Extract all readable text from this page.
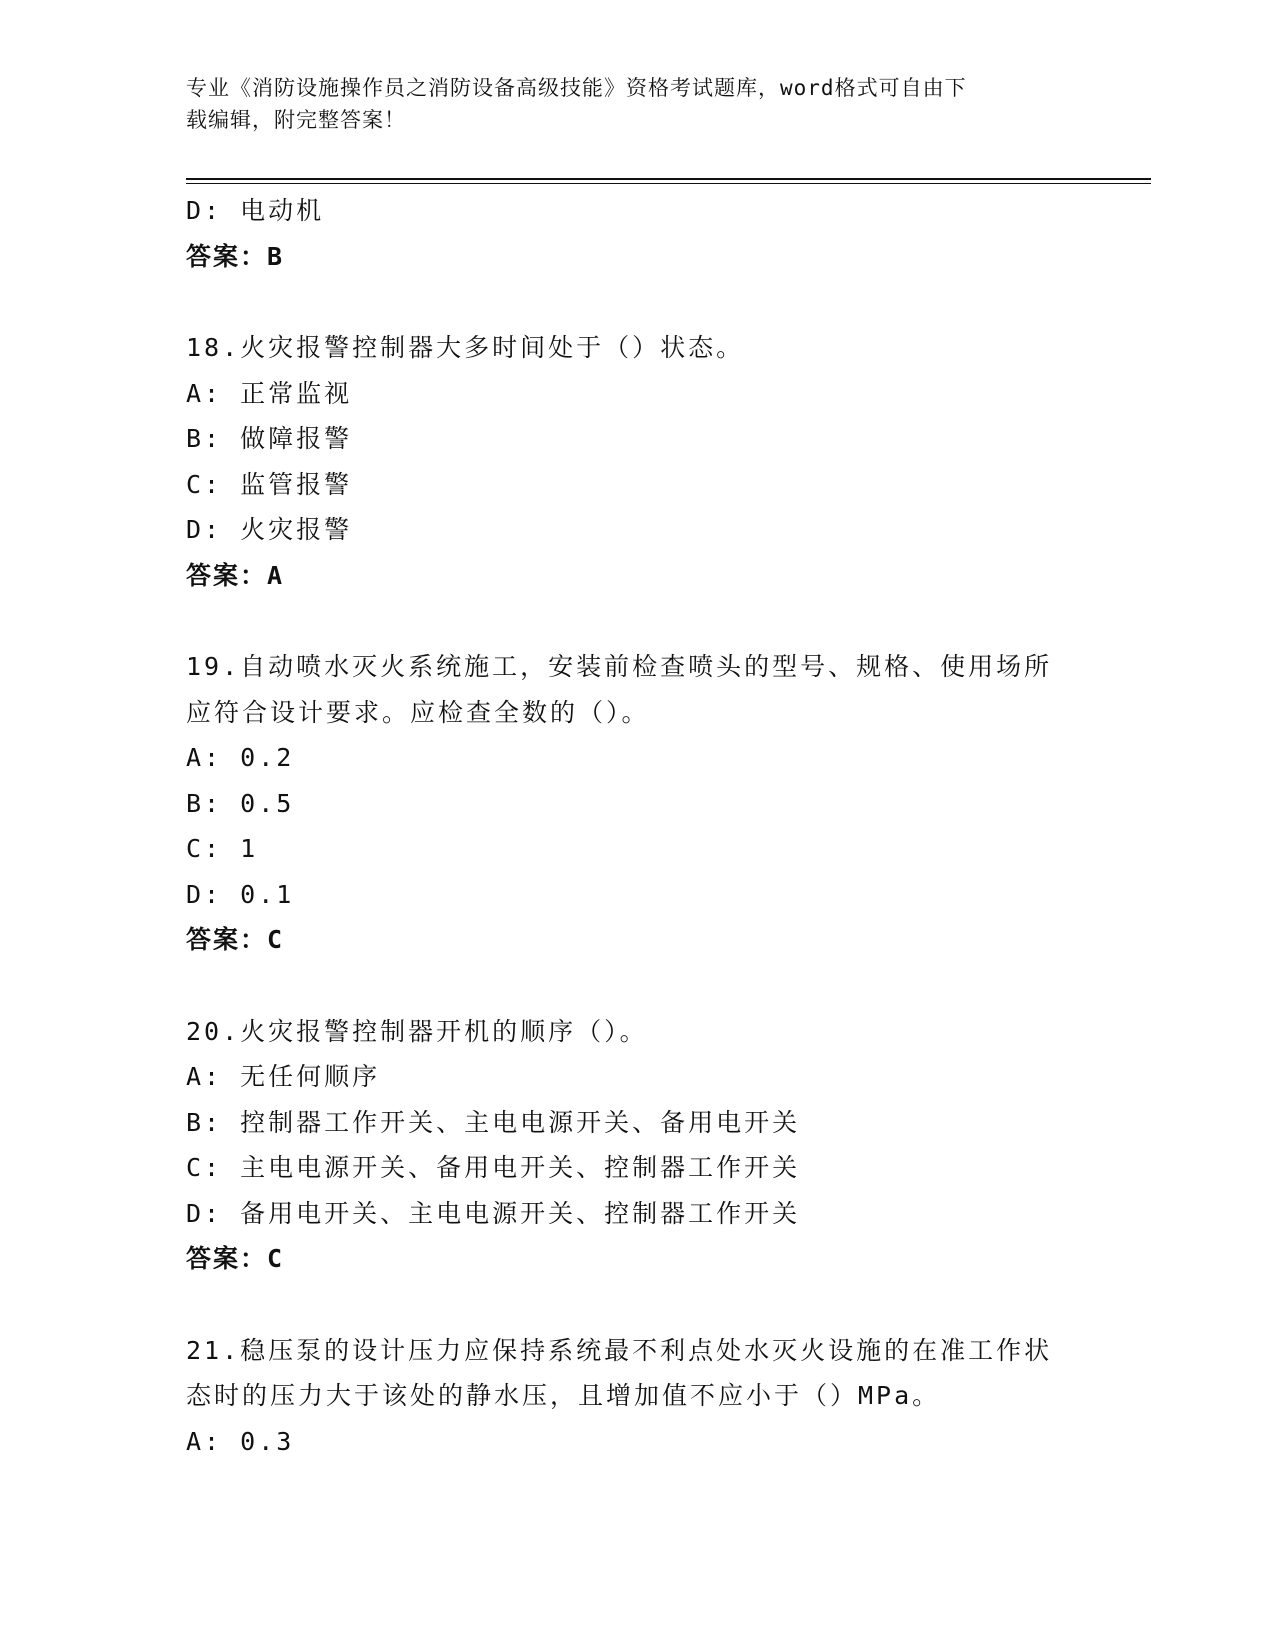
专业《消防设施操作员之消防设备高级技能》资格考试题库，word格式可自由下
载编辑，附完整答案！
D: 电动机
答案：B
18.火灾报警控制器大多时间处于（）状态。
A: 正常监视
B: 做障报警
C: 监管报警
D: 火灾报警
答案：A
19.自动喷水灭火系统施工，安装前检查喷头的型号、规格、使用场所
应符合设计要求。应检查全数的（）。
A: 0.2
B: 0.5
C: 1
D: 0.1
答案：C
20.火灾报警控制器开机的顺序（）。
A: 无任何顺序
B: 控制器工作开关、主电电源开关、备用电开关
C: 主电电源开关、备用电开关、控制器工作开关
D: 备用电开关、主电电源开关、控制器工作开关
答案：C
21.稳压泵的设计压力应保持系统最不利点处水灭火设施的在准工作状
态时的压力大于该处的静水压，且增加值不应小于（）MPa。
A: 0.3
